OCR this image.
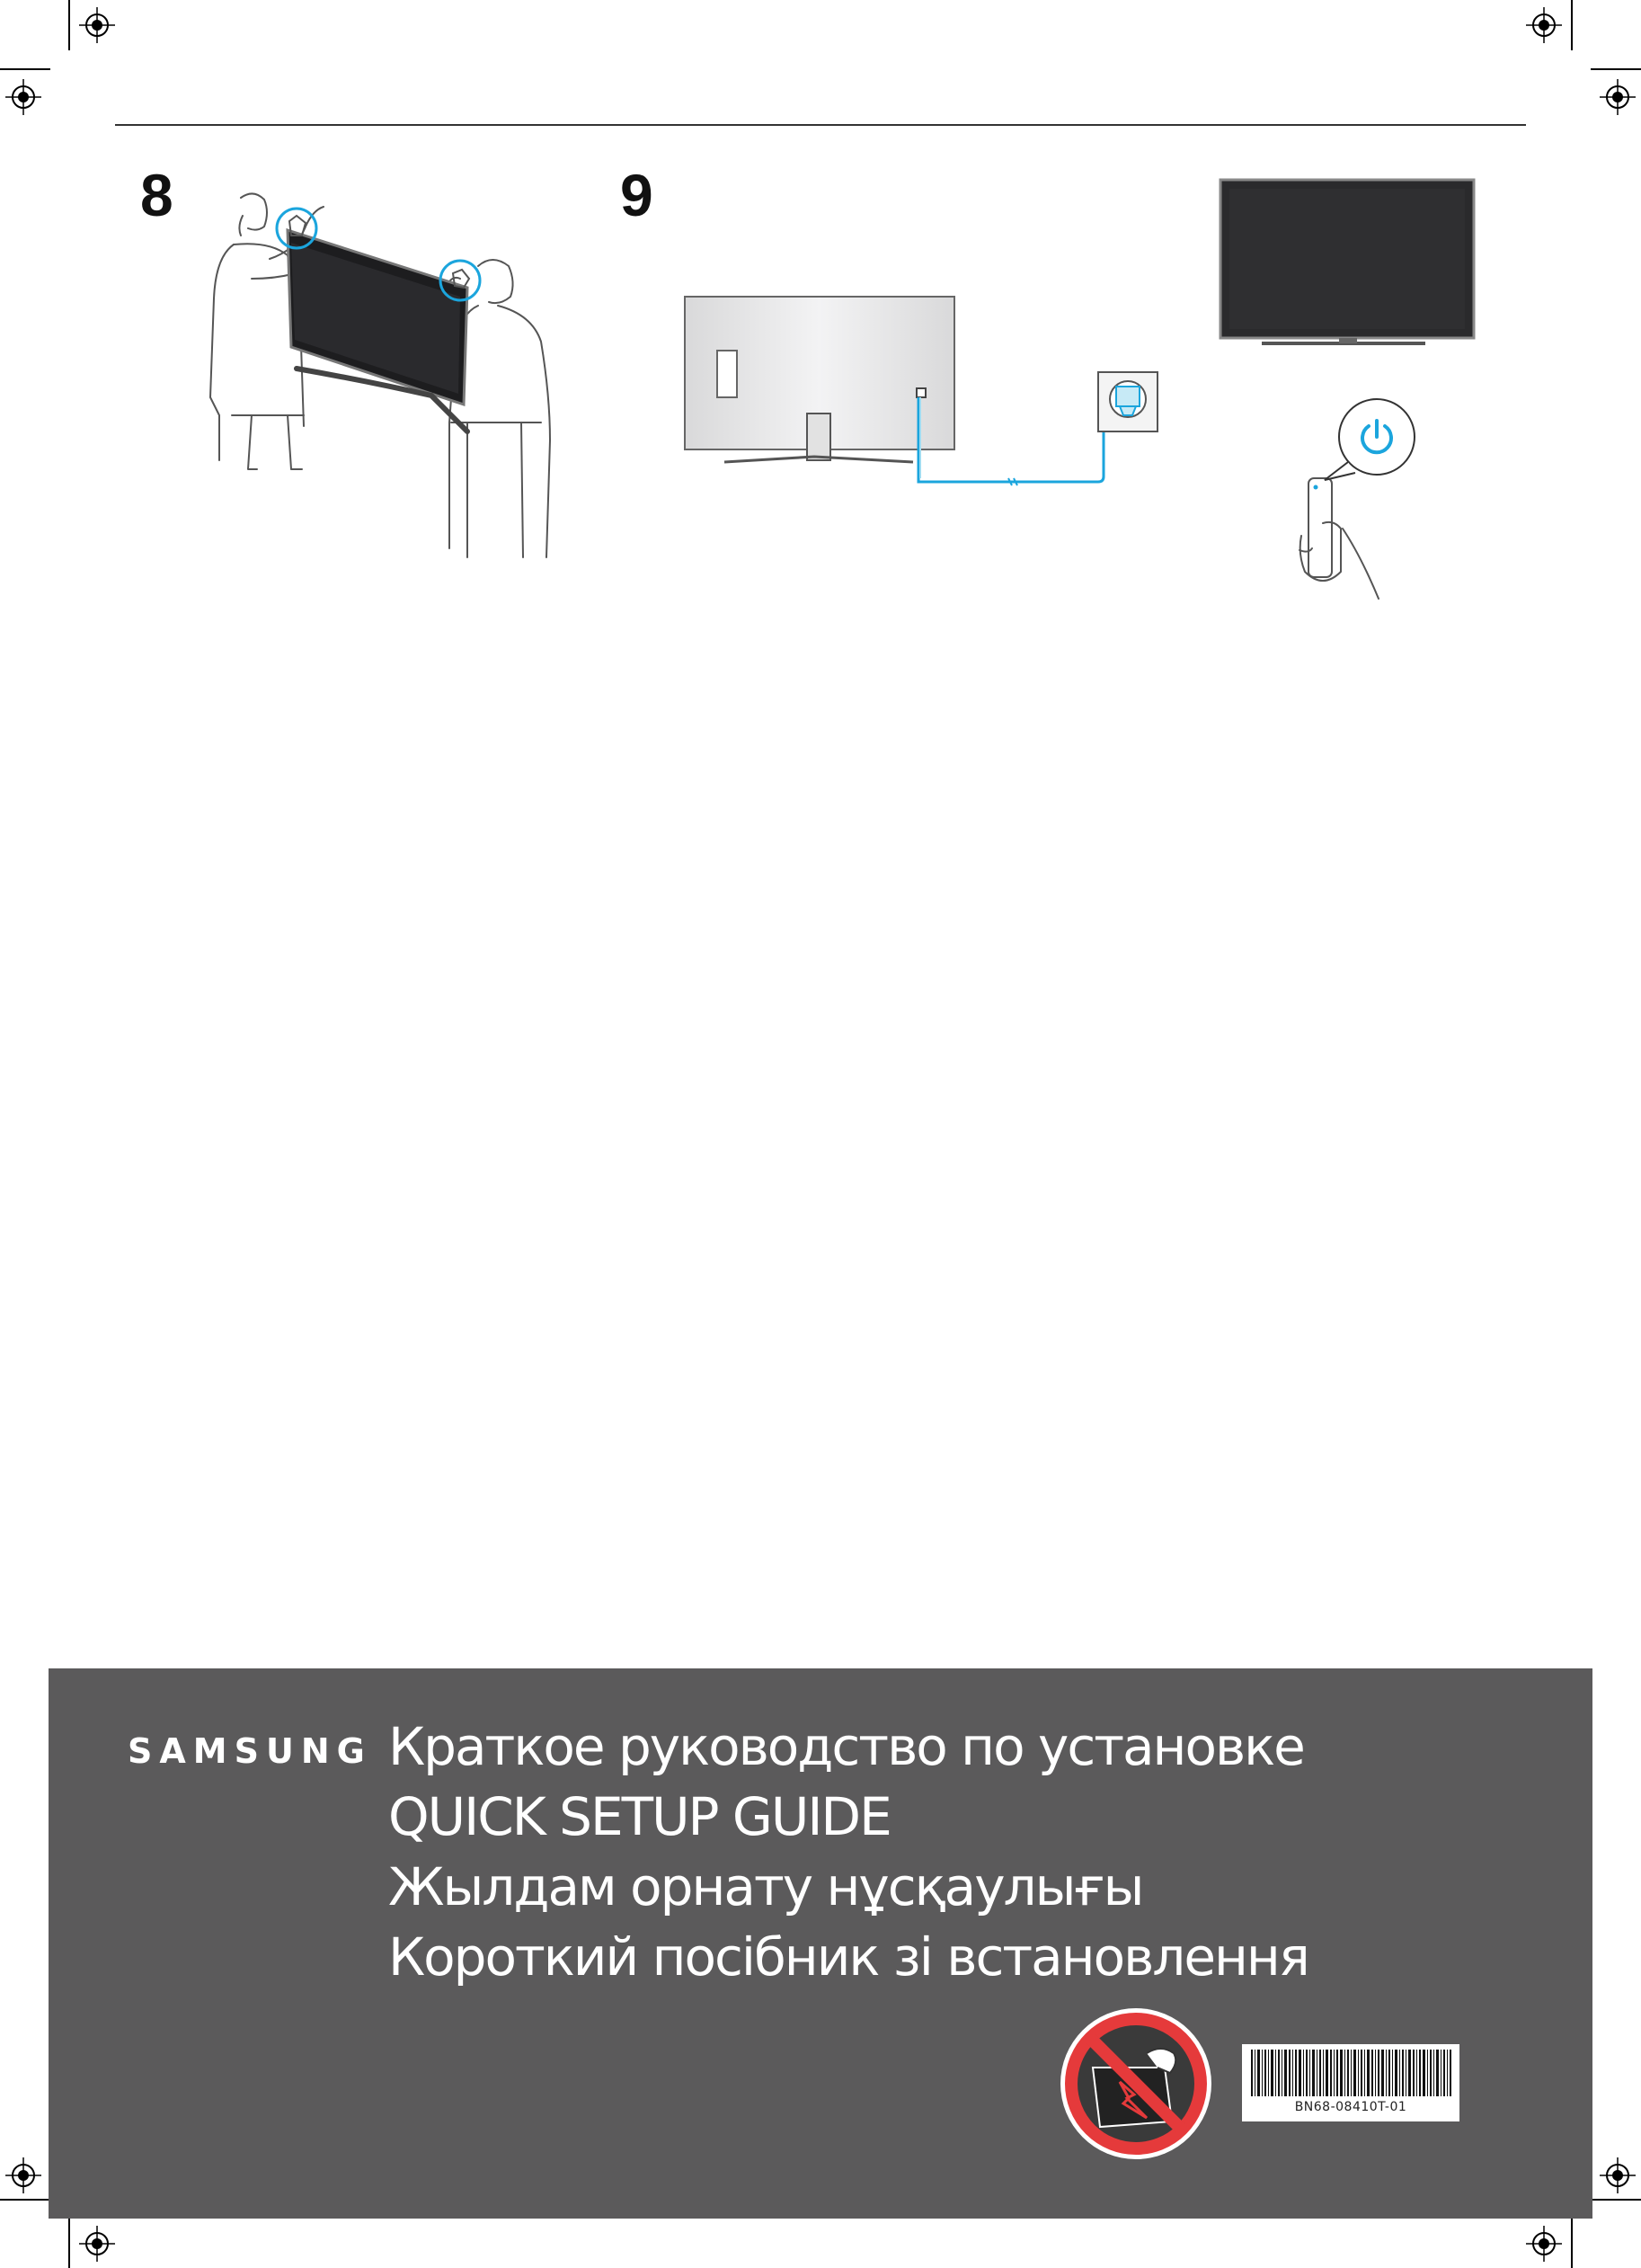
8	9
SAMSUNG Краткое руководство по установке
QUICK SETUP GUIDE
Жылдам орнату нұсқаулығы
Короткий посібник зі встановлення
BN68-08410T-01
